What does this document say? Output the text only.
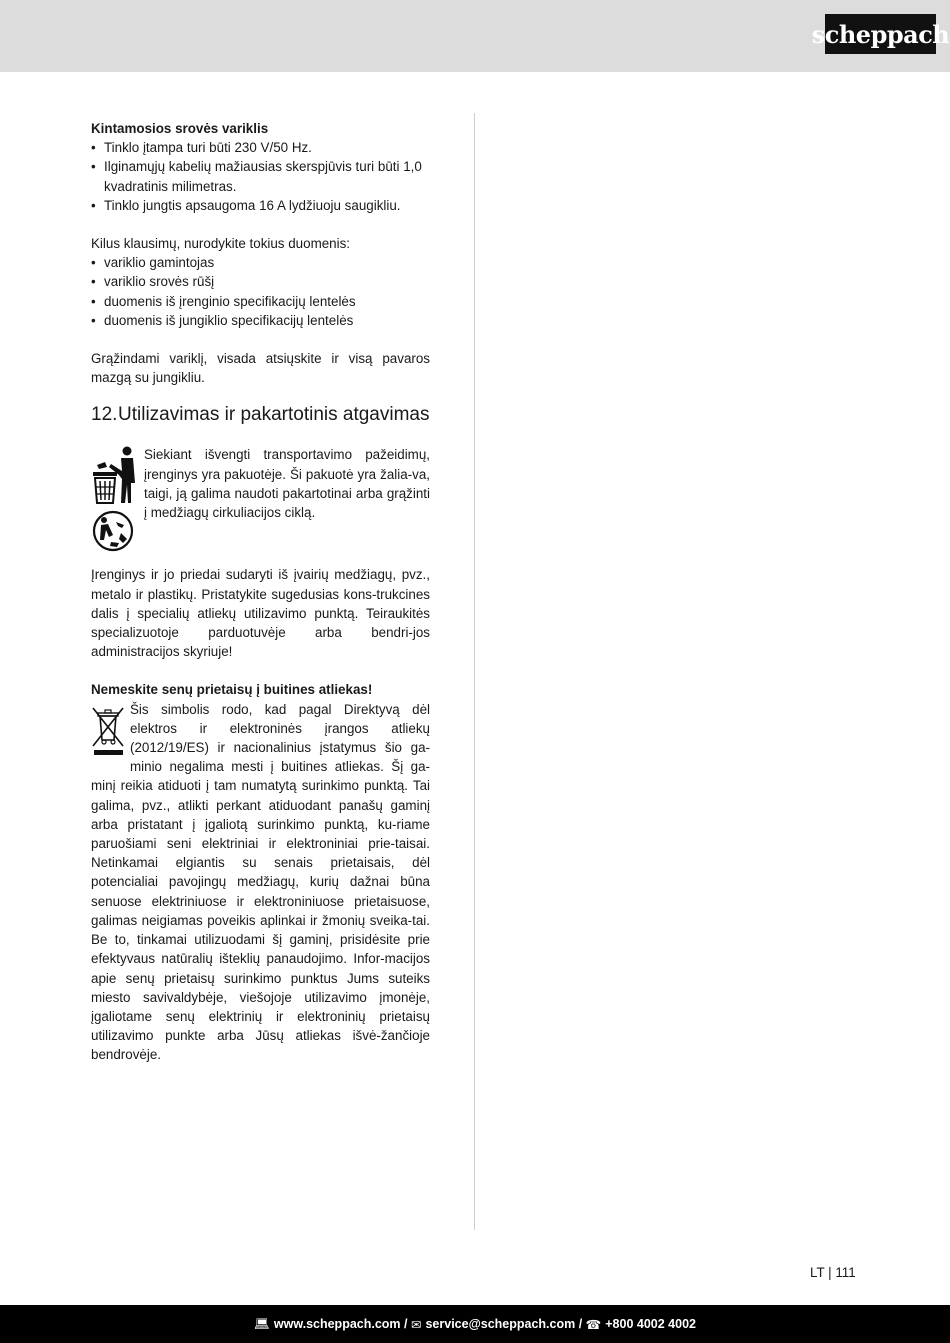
scheppach
Kintamosios srovės variklis
• Tinklo įtampa turi būti 230 V/50 Hz.
• Ilginamųjų kabelių mažiausias skerspjūvis turi būti 1,0 kvadratinis milimetras.
• Tinklo jungtis apsaugoma 16 A lydžiuoju saugikliu.

Kilus klausimų, nurodykite tokius duomenis:

• variklio gamintojas
• variklio srovės rūšį
• duomenis iš įrenginio specifikacijų lentelės
• duomenis iš jungiklio specifikacijų lentelės

Grąžindami variklį, visada atsiųskite ir visą pavaros mazgą su jungikliu.

12. Utilizavimas ir pakartotinis atgavimas

Siekiant išvengti transportavimo pažeidimų, įrenginys yra pakuotėje. Ši pakuotė yra žalia-va, taigi, ją galima naudoti pakartotinai arba grąžinti į medžiagų cirkuliacijos ciklą.

Įrenginys ir jo priedai sudaryti iš įvairių medžiagų, pvz., metalo ir plastikų. Pristatykite sugedusias kons-trukcines dalis į specialių atliekų utilizavimo punktą. Teiraukitės specializuotoje parduotuvėje arba bendri-jos administracijos skyriuje!

Nemeskite senų prietaisų į buitines atliekas!

Šis simbolis rodo, kad pagal Direktyvą dėl

elektros ir elektroninės įrangos atliekų

(2012/19/ES) ir nacionalinius įstatymus šio ga-

minio negalima mesti į buitines atliekas. Šį ga-

minį reikia atiduoti į tam numatytą surinkimo punktą. Tai galima, pvz., atlikti perkant atiduodant panašų gaminį arba pristatant į įgaliotą surinkimo punktą, ku-riame paruošiami seni elektriniai ir elektroniniai prie-taisai. Netinkamai elgiantis su senais prietaisais, dėl potencialiai pavojingų medžiagų, kurių dažnai būna senuose elektriniuose ir elektroniniuose prietaisuose, galimas neigiamas poveikis aplinkai ir žmonių sveika-tai. Be to, tinkamai utilizuodami šį gaminį, prisidėsite prie efektyvaus natūralių išteklių panaudojimo. Infor-macijos apie senų prietaisų surinkimo punktus Jums suteiks miesto savivaldybėje, viešojoje utilizavimo įmonėje, įgaliotame senų elektrinių ir elektroninių prietaisų utilizavimo punkte arba Jūsų atliekas išvė-žančioje bendrovėje.

LT | 111
💻︎ www.scheppach.com /
✉︎ service@scheppach.com /
☎︎ +800 4002 4002
